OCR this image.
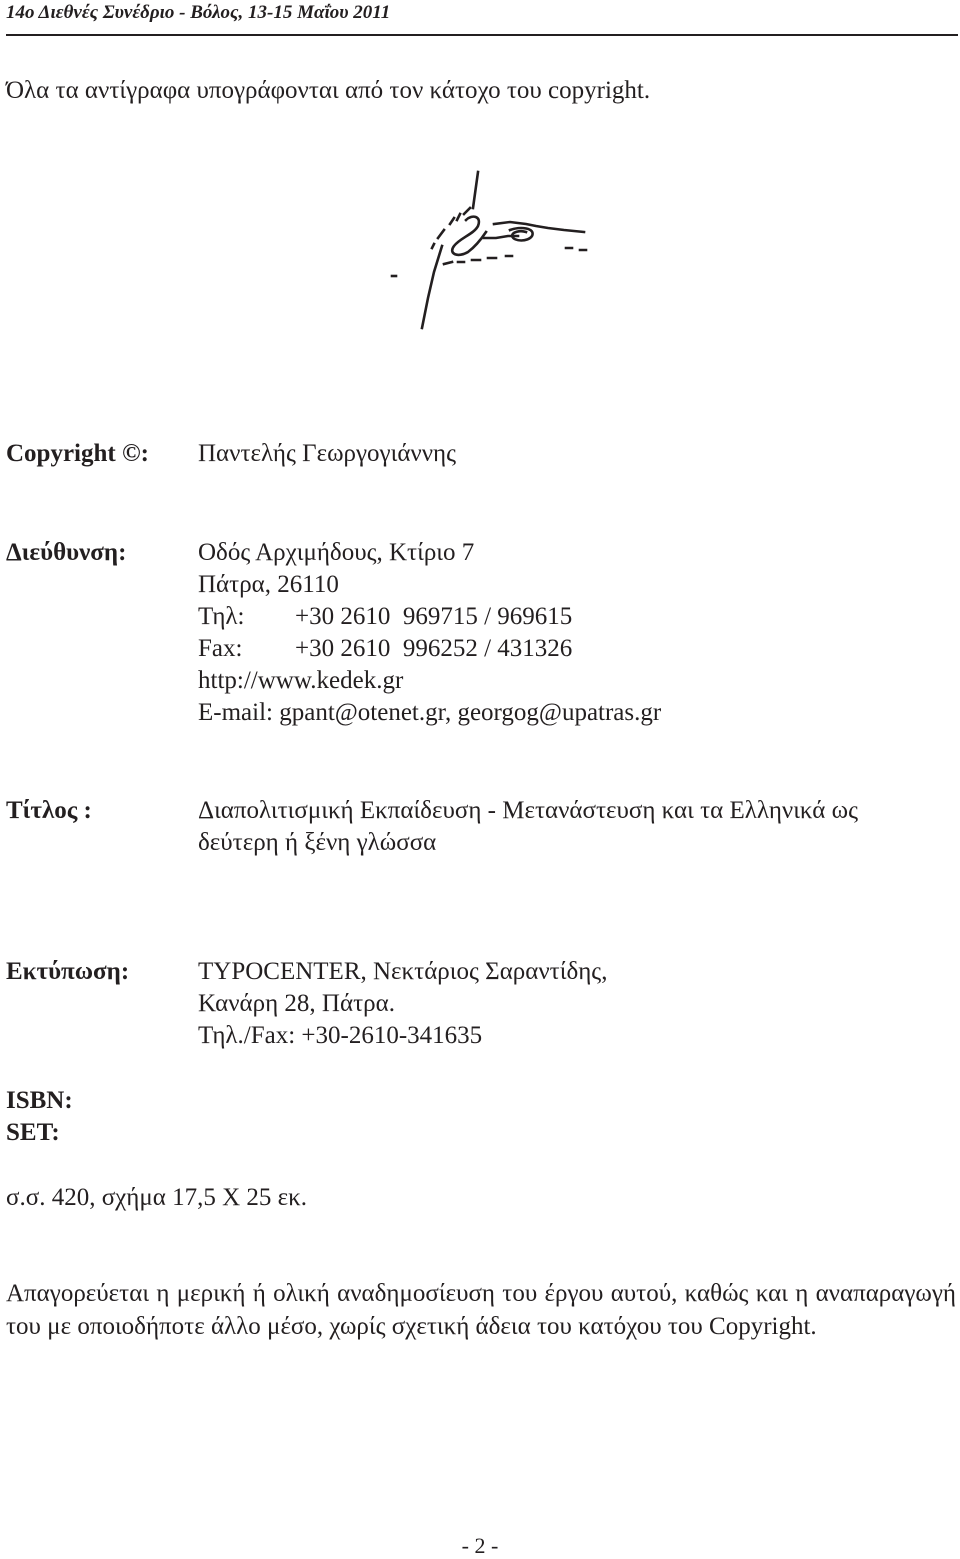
14ο Διεθνές Συνέδριο - Βόλος, 13-15 Μαΐου 2011
Όλα τα αντίγραφα υπογράφονται από τον κάτοχο του copyright.
Copyright ©: Παντελής Γεωργογιάννης
Διεύθυνση:	Οδός Αρχιμήδους, Κτίριο 7
Πάτρα, 26110
Τηλ: +30 2610  969715 / 969615
Fax: +30 2610  996252 / 431326
http://www.kedek.gr
E-mail: gpant@otenet.gr, georgog@upatras.gr
Τίτλος :	Διαπολιτισμική Εκπαίδευση - Μετανάστευση και τα Ελληνικά ως
δεύτερη ή ξένη γλώσσα
Εκτύπωση:	TYPOCENTER, Νεκτάριος Σαραντίδης,
Κανάρη 28, Πάτρα.
Τηλ./Fax: +30-2610-341635
ISBN:
SET:
σ.σ. 420, σχήμα 17,5 Χ 25 εκ.
Απαγορεύεται η μερική ή ολική αναδημοσίευση του έργου αυτού, καθώς και η αναπαραγωγή του με οποιοδήποτε άλλο μέσο, χωρίς σχετική άδεια του κατόχου του Copyright.
- 2 -
